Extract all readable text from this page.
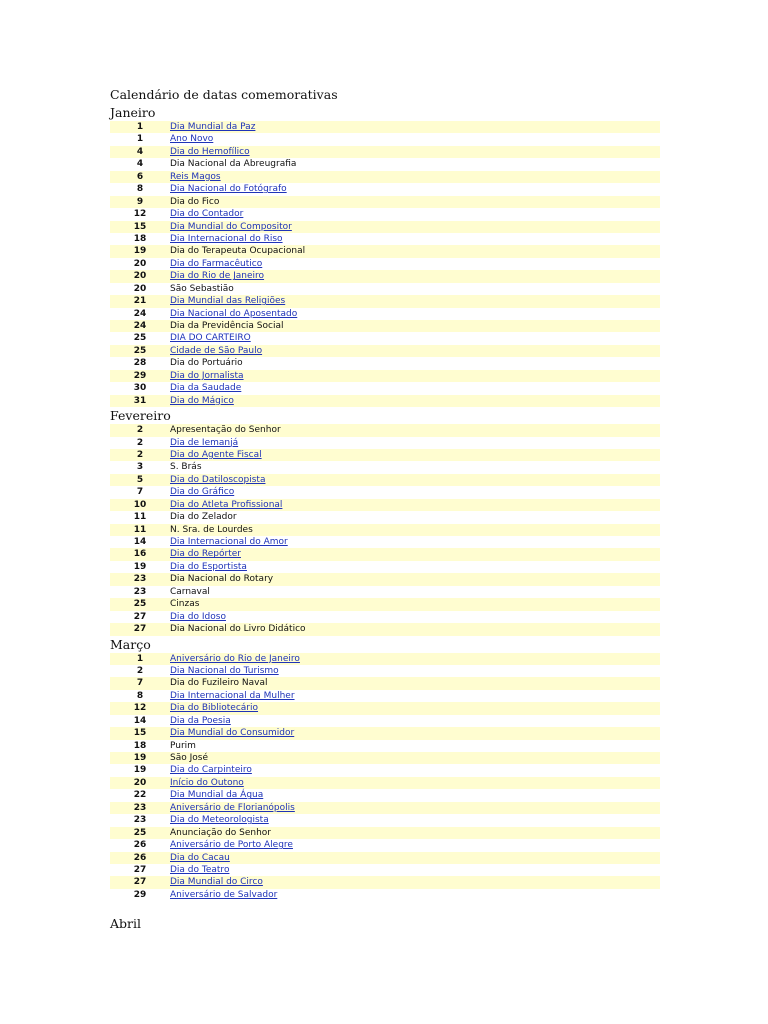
Calendário de datas comemorativas
Janeiro
1	Dia Mundial da Paz
1	Ano Novo
4	Dia do Hemofílico
4	Dia Nacional da Abreugrafia
6	Reis Magos
8	Dia Nacional do Fotógrafo
9	Dia do Fico
12	Dia do Contador
15	Dia Mundial do Compositor
18	Dia Internacional do Riso
19	Dia do Terapeuta Ocupacional
20	Dia do Farmacêutico
20	Dia do Rio de Janeiro
20	São Sebastião
21	Dia Mundial das Religiões
24	Dia Nacional do Aposentado
24	Dia da Previdência Social
25	DIA DO CARTEIRO
25	Cidade de São Paulo
28	Dia do Portuário
29	Dia do Jornalista
30	Dia da Saudade
31	Dia do Mágico
Fevereiro
2	Apresentação do Senhor
2	Dia de Iemanjá
2	Dia do Agente Fiscal
3	S. Brás
5	Dia do Datiloscopista
7	Dia do Gráfico
10	Dia do Atleta Profissional
11	Dia do Zelador
11	N. Sra. de Lourdes
14	Dia Internacional do Amor
16	Dia do Repórter
19	Dia do Esportista
23	Dia Nacional do Rotary
23	Carnaval
25	Cinzas
27	Dia do Idoso
27	Dia Nacional do Livro Didático
Março
1	Aniversário do Rio de Janeiro
2	Dia Nacional do Turismo
7	Dia do Fuzileiro Naval
8	Dia Internacional da Mulher
12	Dia do Bibliotecário
14	Dia da Poesia
15	Dia Mundial do Consumidor
18	Purim
19	São José
19	Dia do Carpinteiro
20	Início do Outono
22	Dia Mundial da Água
23	Aniversário de Florianópolis
23	Dia do Meteorologista
25	Anunciação do Senhor
26	Aniversário de Porto Alegre
26	Dia do Cacau
27	Dia do Teatro
27	Dia Mundial do Circo
29	Aniversário de Salvador
Abril
